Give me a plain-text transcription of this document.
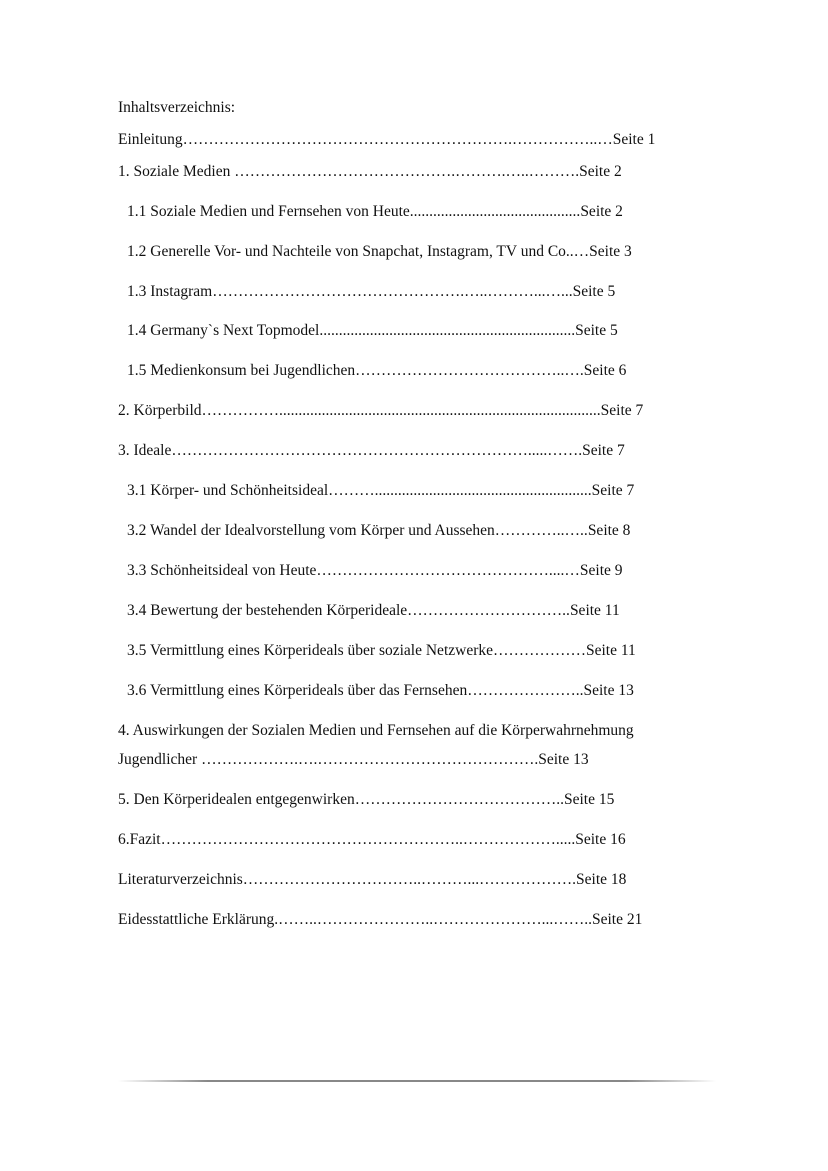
Inhaltsverzeichnis:
Einleitung……………………………………………………….……………..…Seite 1
1. Soziale Medien …………………………………….……….…..……….Seite 2
1.1 Soziale Medien und Fernsehen von Heute............................................Seite 2
1.2 Generelle Vor- und Nachteile von Snapchat, Instagram, TV und Co..…Seite 3
1.3 Instagram………………………………………….…..………...…...Seite 5
1.4 Germany`s Next Topmodel..................................................................Seite 5
1.5 Medienkonsum bei Jugendlichen…………………………………..….Seite 6
2. Körperbild……………...................................................................................Seite 7
3. Ideale…………………………………………………………….....…….Seite 7
3.1 Körper- und Schönheitsideal………........................................................Seite 7
3.2 Wandel der Idealvorstellung vom Körper und Aussehen…………..…..Seite 8
3.3 Schönheitsideal von Heute………………………………………....…Seite 9
3.4 Bewertung der bestehenden Körperideale…………………………..Seite 11
3.5 Vermittlung eines Körperideals über soziale Netzwerke………………Seite 11
3.6 Vermittlung eines Körperideals über das Fernsehen…………………..Seite 13
4. Auswirkungen der Sozialen Medien und Fernsehen auf die Körperwahrnehmung
Jugendlicher ……………….….…………………………………….Seite 13
5. Den Körperidealen entgegenwirken…………………………………..Seite 15
6.Fazit…………………………………………………..……………….....Seite 16
Literaturverzeichnis……………………………..………...……………….Seite 18
Eidesstattliche Erklärung.……..…………………..…………………...……..Seite 21
